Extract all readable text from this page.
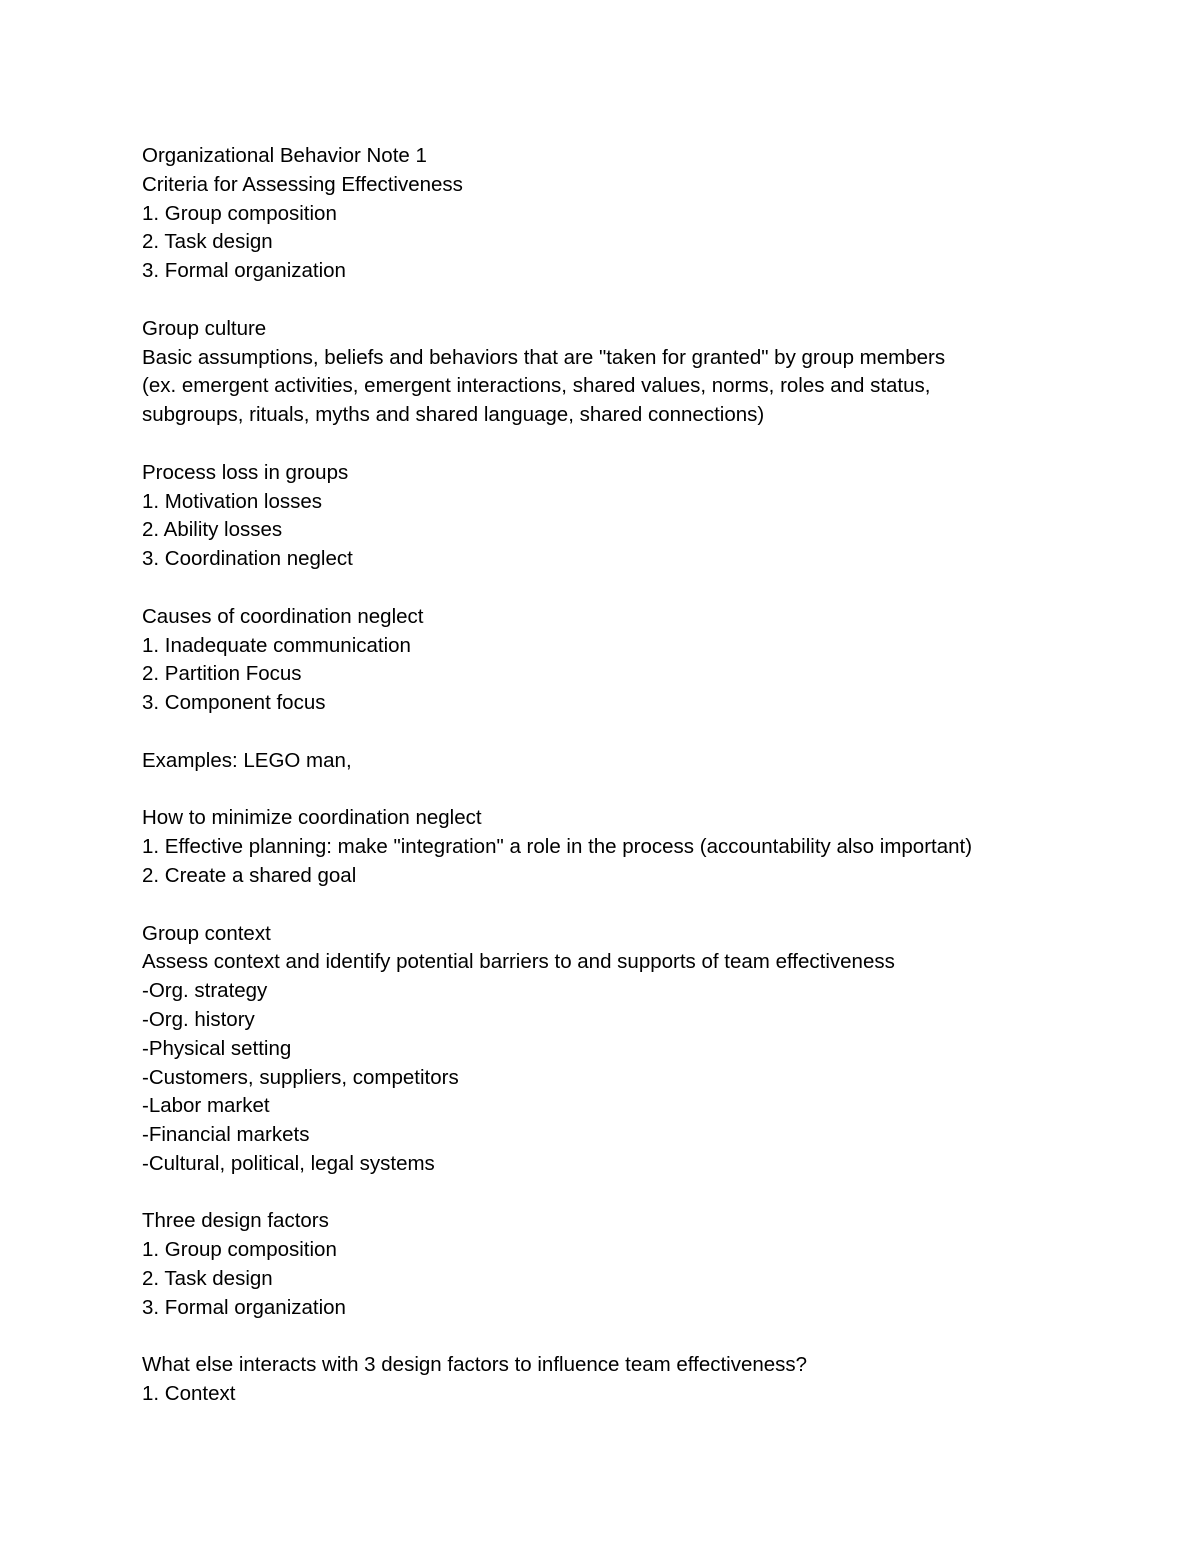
Organizational Behavior Note 1
Criteria for Assessing Effectiveness
1. Group composition
2. Task design
3. Formal organization
Group culture
Basic assumptions, beliefs and behaviors that are "taken for granted" by group members
(ex. emergent activities, emergent interactions, shared values, norms, roles and status,
subgroups, rituals, myths and shared language, shared connections)
Process loss in groups
1. Motivation losses
2. Ability losses
3. Coordination neglect
Causes of coordination neglect
1. Inadequate communication
2. Partition Focus
3. Component focus
Examples: LEGO man,
How to minimize coordination neglect
1. Effective planning: make "integration" a role in the process (accountability also important)
2. Create a shared goal
Group context
Assess context and identify potential barriers to and supports of team effectiveness
-Org. strategy
-Org. history
-Physical setting
-Customers, suppliers, competitors
-Labor market
-Financial markets
-Cultural, political, legal systems
Three design factors
1. Group composition
2. Task design
3. Formal organization
What else interacts with 3 design factors to influence team effectiveness?
1. Context
